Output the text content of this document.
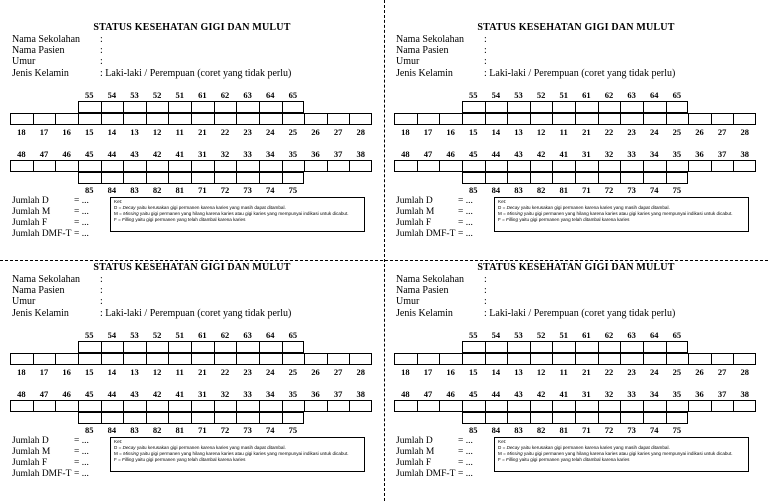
STATUS KESEHATAN GIGI DAN MULUT
Nama Sekolahan :
Nama Pasien	:
Umur	:
Jenis Kelamin	: Laki-laki / Perempuan (coret yang tidak perlu)
55	54	53	52	51	61	62	63	64	65
18	17	16	15	14	13	12	11	21	22	23	24	25	26	27	28
48	47	46	45	44	43	42	41	31	32	33	34	35	36	37	38
85	84	83	82	81	71	72	73	74	75
Jumlah D	= ...
Jumlah M = ...
Jumlah F	= ...
Jumlah DMF-T = ...

Ket:

D = Decay yaitu kerusakan gigi permanen karena karies yang masih dapat ditambal.

M = Missing yaitu gigi permanen yang hilang karena karies atau gigi karies yang mempunyai indikasi untuk dicabut.

F = Filling yaitu gigi permanen yang telah ditambal karena karies

STATUS KESEHATAN GIGI DAN MULUT
Nama Sekolahan :
Nama Pasien	:
Umur	:
Jenis Kelamin	: Laki-laki / Perempuan (coret yang tidak perlu)
55	54	53	52	51	61	62	63	64	65
18	17	16	15	14	13	12	11	21	22	23	24	25	26	27	28
48	47	46	45	44	43	42	41	31	32	33	34	35	36	37	38
85	84	83	82	81	71	72	73	74	75
Jumlah D	= ...
Jumlah M = ...
Jumlah F	= ...
Jumlah DMF-T = ...

Ket:

D = Decay yaitu kerusakan gigi permanen karena karies yang masih dapat ditambal.

M = Missing yaitu gigi permanen yang hilang karena karies atau gigi karies yang mempunyai indikasi untuk dicabut.

F = Filling yaitu gigi permanen yang telah ditambal karena karies

STATUS KESEHATAN GIGI DAN MULUT
Nama Sekolahan :
Nama Pasien	:
Umur	:
Jenis Kelamin	: Laki-laki / Perempuan (coret yang tidak perlu)
55	54	53	52	51	61	62	63	64	65
18	17	16	15	14	13	12	11	21	22	23	24	25	26	27	28
48	47	46	45	44	43	42	41	31	32	33	34	35	36	37	38
85	84	83	82	81	71	72	73	74	75
Jumlah D	= ...
Jumlah M = ...
Jumlah F	= ...
Jumlah DMF-T = ...

Ket:

D = Decay yaitu kerusakan gigi permanen karena karies yang masih dapat ditambal.

M = Missing yaitu gigi permanen yang hilang karena karies atau gigi karies yang mempunyai indikasi untuk dicabut.

F = Filling yaitu gigi permanen yang telah ditambal karena karies

STATUS KESEHATAN GIGI DAN MULUT
Nama Sekolahan :
Nama Pasien	:
Umur	:
Jenis Kelamin	: Laki-laki / Perempuan (coret yang tidak perlu)
55	54	53	52	51	61	62	63	64	65
18	17	16	15	14	13	12	11	21	22	23	24	25	26	27	28
48	47	46	45	44	43	42	41	31	32	33	34	35	36	37	38
85	84	83	82	81	71	72	73	74	75
Jumlah D	= ...
Jumlah M = ...
Jumlah F	= ...
Jumlah DMF-T = ...

Ket:

D = Decay yaitu kerusakan gigi permanen karena karies yang masih dapat ditambal.

M = Missing yaitu gigi permanen yang hilang karena karies atau gigi karies yang mempunyai indikasi untuk dicabut.

F = Filling yaitu gigi permanen yang telah ditambal karena karies
